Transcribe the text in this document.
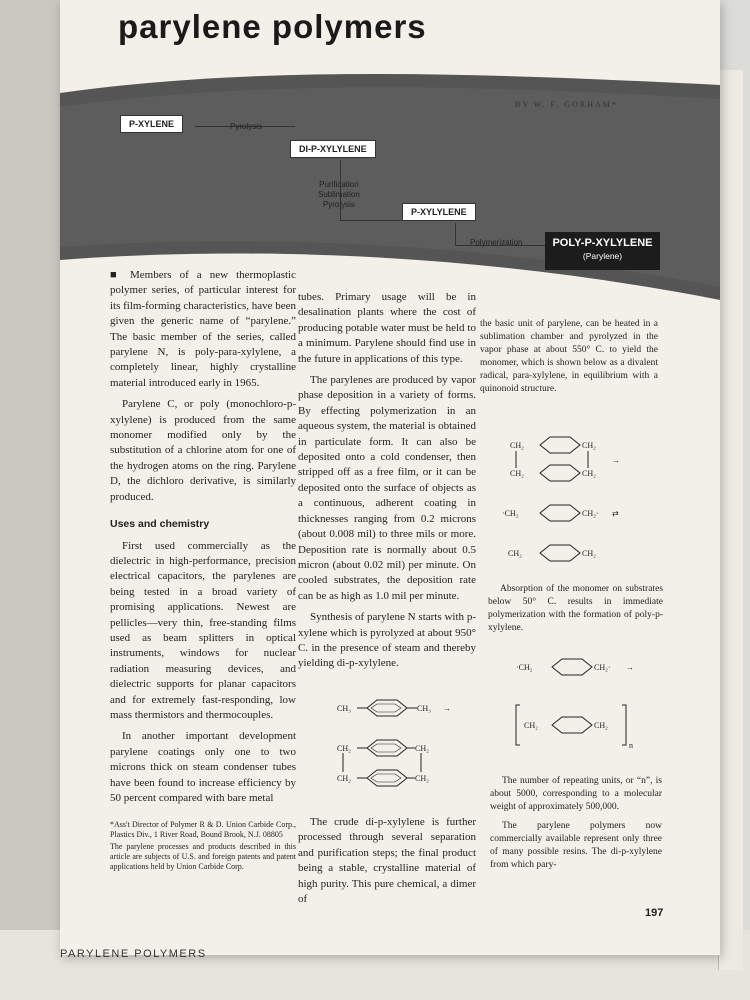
parylene polymers
BY W. F. GORHAM*
P-XYLENE	Pyrolysis
DI-P-XYLYLENE
Purification
Sublimation
Pyrolysis
P-XYLYLENE
Polymerization	POLY-P-XYLYLENE
(Parylene)

■ Members of a new thermoplastic polymer series, of particular interest for its film-forming characteristics, have been given the generic name of “parylene.” The basic member of the series, called parylene N, is poly-para-xylylene, a completely linear, highly crystalline material introduced early in 1965.

Parylene C, or poly (monochloro-p-xylylene) is produced from the same monomer modified only by the substitution of a chlorine atom for one of the hydrogen atoms on the ring. Parylene D, the dichloro derivative, is similarly produced.

Uses and chemistry

First used commercially as the dielectric in high-performance, precision electrical capacitors, the parylenes are being tested in a broad variety of promising applications. Newest are pellicles—very thin, free-standing films used as beam splitters in optical instruments, windows for nuclear radiation measuring devices, and dielectric supports for planar capacitors and for extremely fast-responding, low mass thermistors and thermocouples.

In another important development parylene coatings only one to two microns thick on steam condenser tubes have been found to increase efficiency by 50 percent compared with bare metal

*Ass't Director of Polymer R & D. Union Carbide Corp., Plastics Div., 1 River Road, Bound Brook, N.J. 08805

The parylene processes and products described in this article are subjects of U.S. and foreign patents and patent applications held by Union Carbide Corp.

tubes. Primary usage will be in desalination plants where the cost of producing potable water must be held to a minimum. Parylene should find use in the future in applications of this type.

The parylenes are produced by vapor phase deposition in a variety of forms. By effecting polymerization in an aqueous system, the material is obtained in particulate form. It can also be deposited onto a cold condenser, then stripped off as a free film, or it can be deposited onto the surface of objects as a continuous, adherent coating in thicknesses ranging from 0.2 microns (about 0.008 mil) to three mils or more. Deposition rate is normally about 0.5 micron (about 0.02 mil) per minute. On cooled substrates, the deposition rate can be as high as 1.0 mil per minute.

Synthesis of parylene N starts with p-xylene which is pyrolyzed at about 950° C. in the presence of steam and thereby yielding di-p-xylylene.

The crude di-p-xylylene is further processed through several separation and purification steps; the final product being a stable, crystalline material of high purity. This pure chemical, a dimer of

CH₃	CH₃ →
CH₂	CH₂
CH₂	CH₂

the basic unit of parylene, can be heated in a sublimation chamber and pyrolyzed in the vapor phase at about 550° C. to yield the monomer, which is shown below as a divalent radical, para-xylylene, in equilibrium with a quinonoid structure.

CH₂	CH₂
CH₂	CH₂
→
·CH₂	CH₂· ⇄
CH₂	CH₂

Absorption of the monomer on substrates below 50° C. results in immediate polymerization with the formation of poly-p-xylylene.

·CH₂	CH₂· →
CH₂	CH₂
n

The number of repeating units, or “n”, is about 5000, corresponding to a molecular weight of approximately 500,000.

The parylene polymers now commercially available represent only three of many possible resins. The di-p-xylylene from which pary-

197
PARYLENE POLYMERS
